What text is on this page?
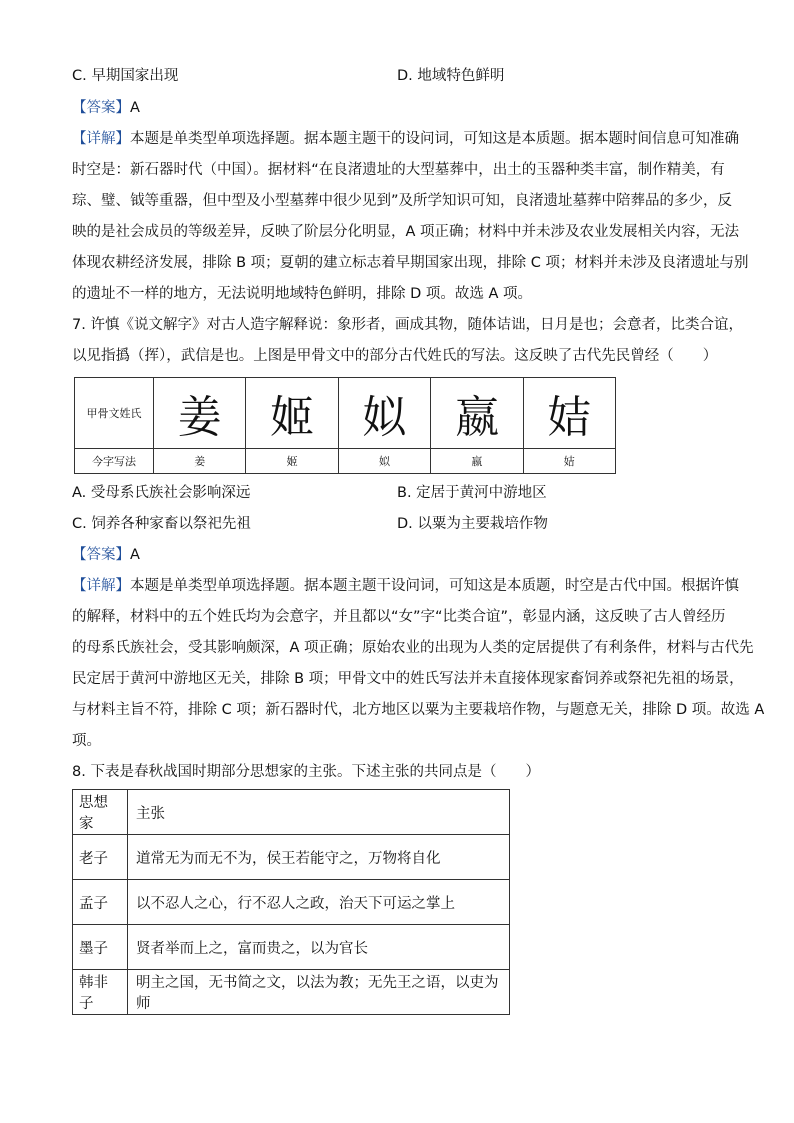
C. 早期国家出现	D. 地域特色鲜明
【答案】A
【详解】本题是单类型单项选择题。据本题主题干的设问词，可知这是本质题。据本题时间信息可知准确
时空是：新石器时代（中国）。据材料“在良渚遗址的大型墓葬中，出土的玉器种类丰富，制作精美，有
琮、璧、钺等重器，但中型及小型墓葬中很少见到”及所学知识可知，良渚遗址墓葬中陪葬品的多少，反
映的是社会成员的等级差异，反映了阶层分化明显，A 项正确；材料中并未涉及农业发展相关内容，无法
体现农耕经济发展，排除 B 项；夏朝的建立标志着早期国家出现，排除 C 项；材料并未涉及良渚遗址与别
的遗址不一样的地方，无法说明地域特色鲜明，排除 D 项。故选 A 项。
7. 许慎《说文解字》对古人造字解释说：象形者，画成其物，随体诘诎，日月是也；会意者，比类合谊，
以见指撝（挥），武信是也。上图是甲骨文中的部分古代姓氏的写法。这反映了古代先民曾经（　　）
甲骨文姓氏	姜	姬	姒	嬴	姞
今字写法	姜	姬	姒	嬴	姞
A. 受母系氏族社会影响深远	B. 定居于黄河中游地区
C. 饲养各种家畜以祭祀先祖	D. 以粟为主要栽培作物
【答案】A
【详解】本题是单类型单项选择题。据本题主题干设问词，可知这是本质题，时空是古代中国。根据许慎
的解释，材料中的五个姓氏均为会意字，并且都以“女”字“比类合谊”，彰显内涵，这反映了古人曾经历
的母系氏族社会，受其影响颇深，A 项正确；原始农业的出现为人类的定居提供了有利条件，材料与古代先
民定居于黄河中游地区无关，排除 B 项；甲骨文中的姓氏写法并未直接体现家畜饲养或祭祀先祖的场景，
与材料主旨不符，排除 C 项；新石器时代，北方地区以粟为主要栽培作物，与题意无关，排除 D 项。故选 A
项。
8. 下表是春秋战国时期部分思想家的主张。下述主张的共同点是（　　）
思想家	主张
老子	道常无为而无不为，侯王若能守之，万物将自化
孟子	以不忍人之心，行不忍人之政，治天下可运之掌上
墨子	贤者举而上之，富而贵之，以为官长
韩非子	明主之国，无书简之文，以法为教；无先王之语，以吏为师
